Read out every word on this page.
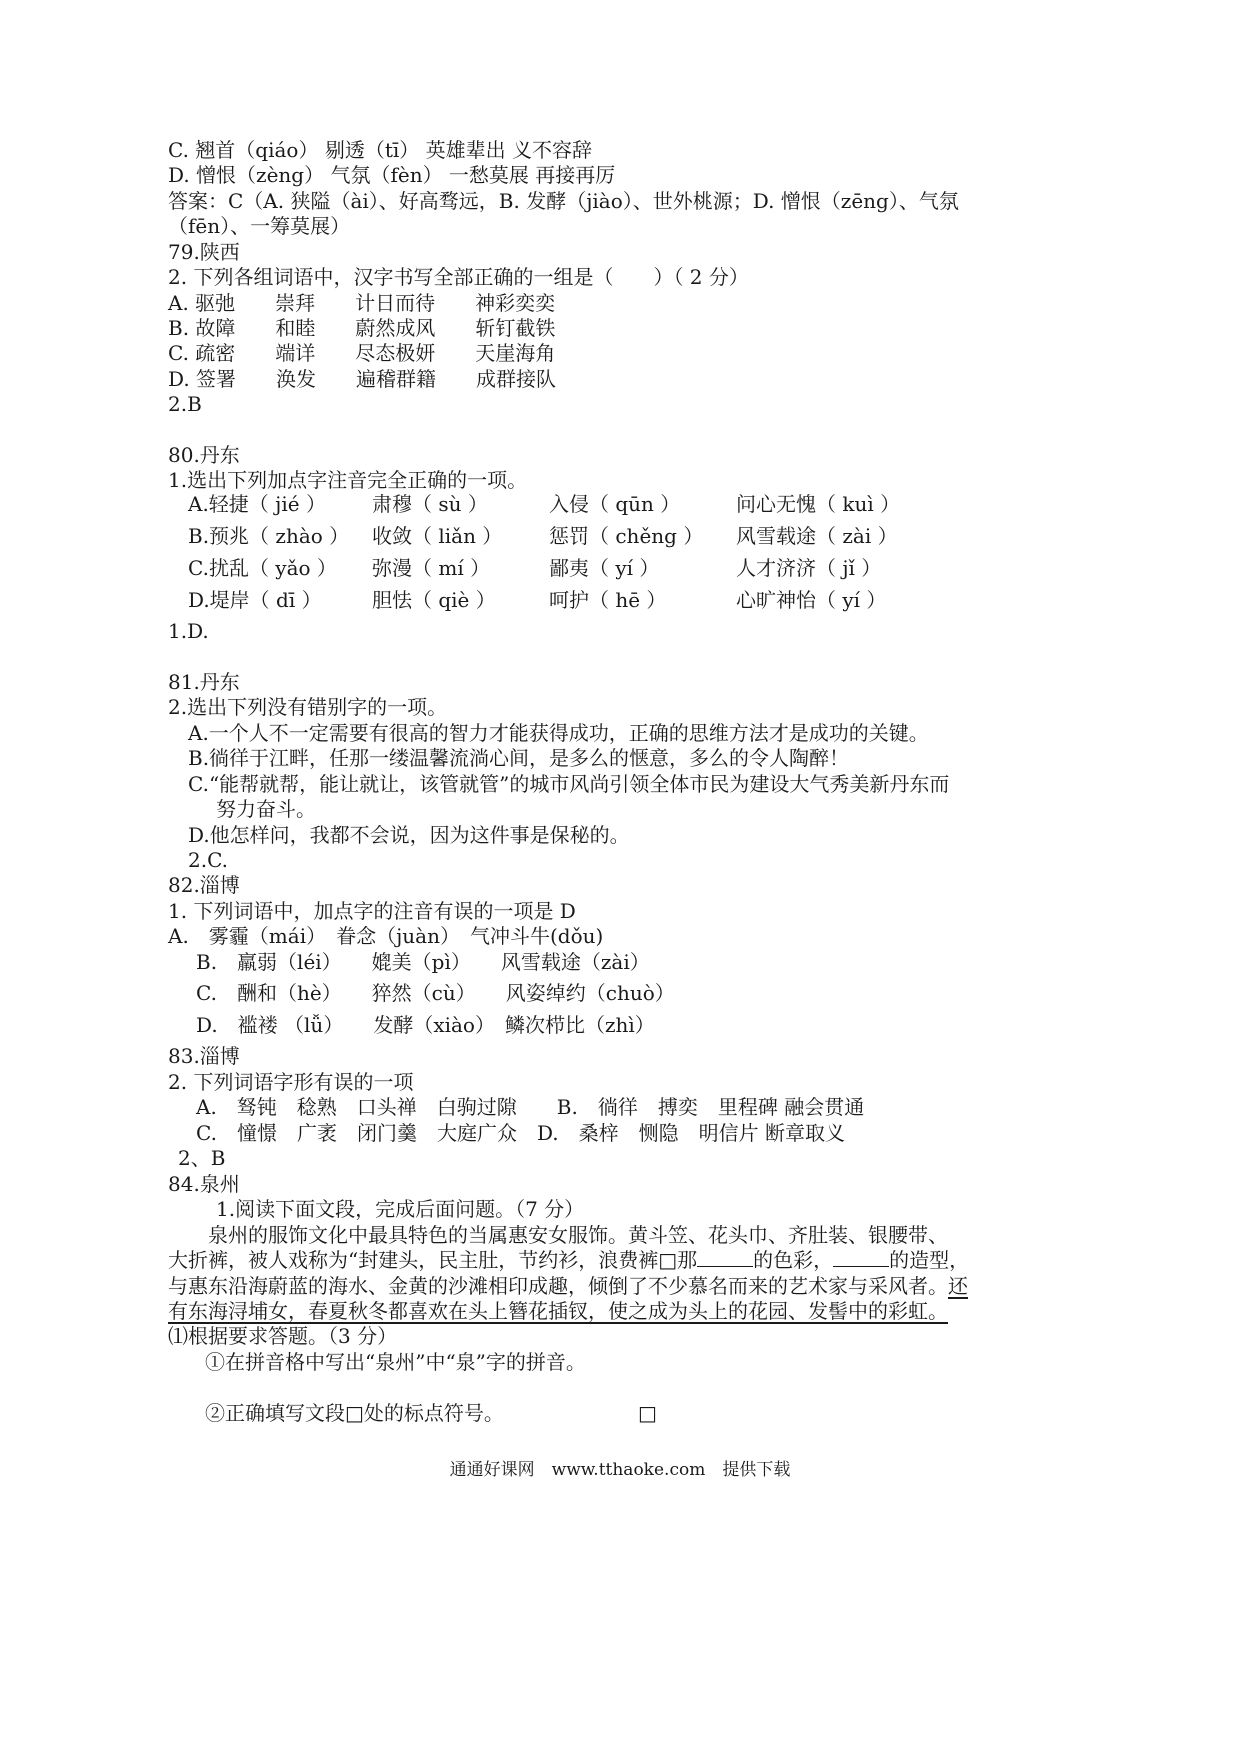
C. 翘首（qiáo） 剔透（tī） 英雄辈出 义不容辞
D. 憎恨（zèng） 气氛（fèn） 一愁莫展 再接再厉
答案：C（A. 狭隘（ài）、好高骛远，B. 发酵（jiào）、世外桃源；D. 憎恨（zēng）、气氛
（fēn）、一筹莫展）
79.陕西
2. 下列各组词语中，汉字书写全部正确的一组是（　　）（ 2 分）
A. 驱弛　　崇拜　　计日而待　　神彩奕奕
B. 故障　　和睦　　蔚然成风　　斩钉截铁
C. 疏密　　端详　　尽态极妍　　天崖海角
D. 签署　　涣发　　遍稽群籍　　成群接队
2.B
80.丹东
1.选出下列加点字注音完全正确的一项。
A.轻捷（ jié ） 肃穆（ sù ）	入侵（ qūn ）	问心无愧（ kuì ）
B.预兆（ zhào ） 收敛（ liǎn ） 惩罚（ chěng ） 风雪载途（ zài ）
C.扰乱（ yǎo ） 弥漫（ mí ）	鄙夷（ yí ）	人才济济（ jǐ ）
D.堤岸（ dī ）	胆怯（ qiè ）	呵护（ hē ）	心旷神怡（ yí ）
1.D.
81.丹东
2.选出下列没有错别字的一项。
A.一个人不一定需要有很高的智力才能获得成功，正确的思维方法才是成功的关键。
B.徜徉于江畔，任那一缕温馨流淌心间，是多么的惬意，多么的令人陶醉！
C.“能帮就帮，能让就让，该管就管”的城市风尚引领全体市民为建设大气秀美新丹东而
努力奋斗。
D.他怎样问，我都不会说，因为这件事是保秘的。
2.C.
82.淄博
1. 下列词语中，加点字的注音有误的一项是 D
A.　雾霾（mái）　眷念（juàn）　气冲斗牛(dǒu)
B.　羸弱（léi）　　媲美（pì）　　风雪载途（zài）
C.　酬和（hè）　　猝然（cù）　　风姿绰约（chuò）
D.　褴褛 （lǚ）　　发酵（xiào）　鳞次栉比（zhì）
83.淄博
2. 下列词语字形有误的一项
A.　驽钝　稔熟　口头禅　白驹过隙　　B.　徜徉　搏奕　里程碑 融会贯通
C.　憧憬　广袤　闭门羹　大庭广众　D.　桑梓　恻隐　明信片 断章取义
2、B
84.泉州
1.阅读下面文段，完成后面问题。（7 分）
泉州的服饰文化中最具特色的当属惠安女服饰。黄斗笠、花头巾、齐肚装、银腰带、
大折裤，被人戏称为“封建头，民主肚，节约衫，浪费裤□那	的色彩，	的造型，
与惠东沿海蔚蓝的海水、金黄的沙滩相印成趣，倾倒了不少慕名而来的艺术家与采风者。还
有东海浔埔女，春夏秋冬都喜欢在头上簪花插钗，使之成为头上的花园、发髻中的彩虹。
⑴根据要求答题。（3 分）
①在拼音格中写出“泉州”中“泉”字的拼音。
②正确填写文段□处的标点符号。	□
通通好课网　www.tthaoke.com　提供下载
